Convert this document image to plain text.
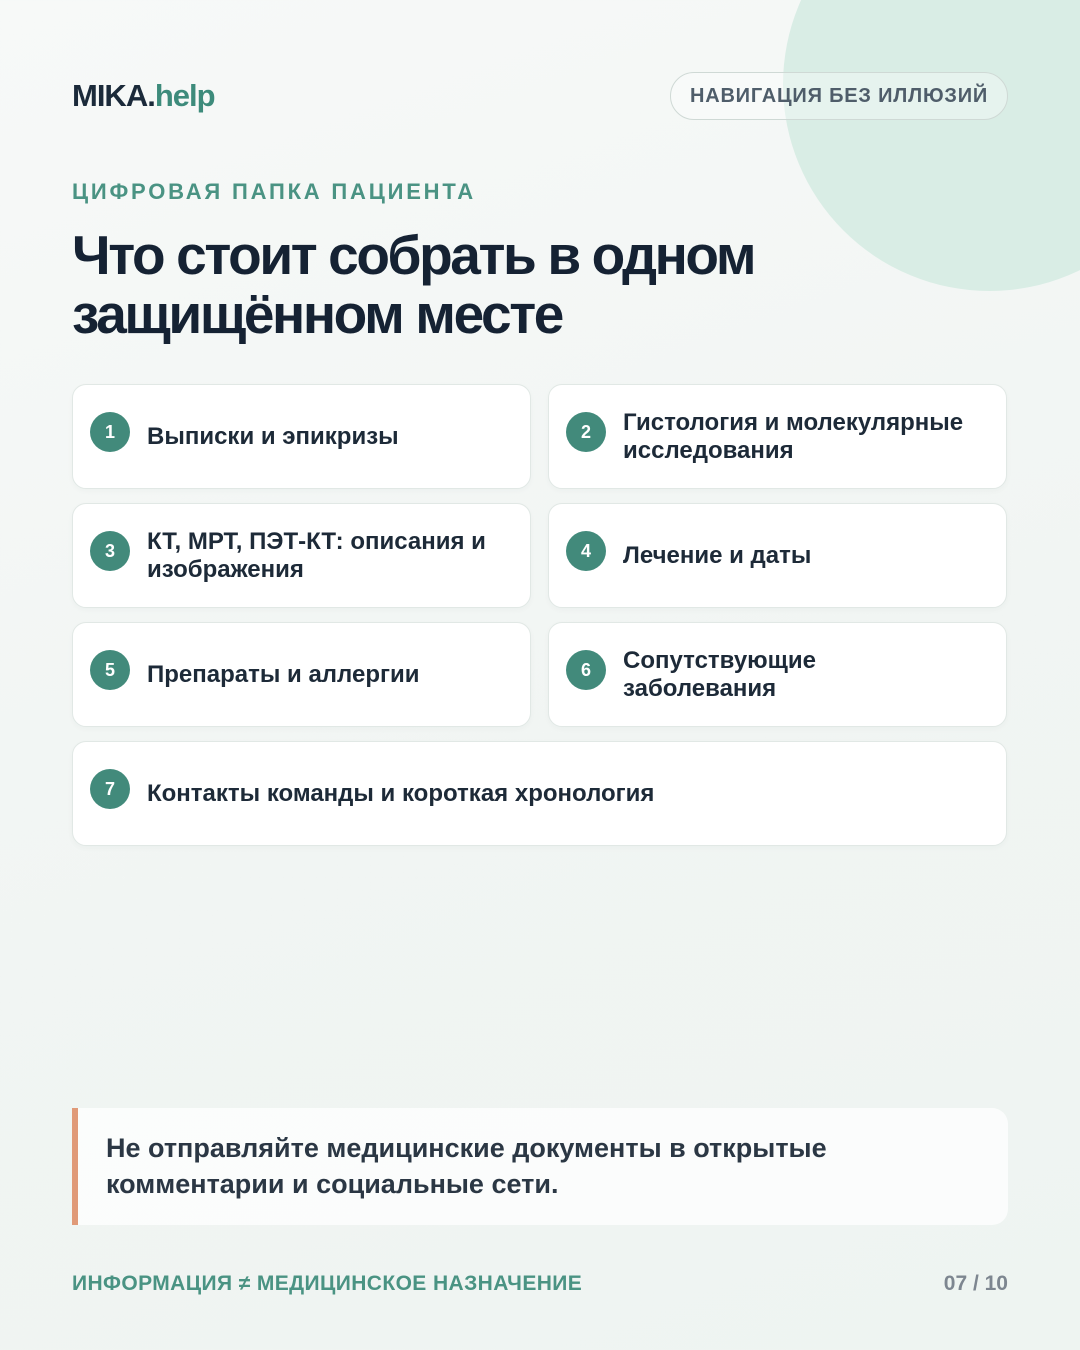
MIKA.help	НАВИГАЦИЯ БЕЗ ИЛЛЮЗИЙ
ЦИФРОВАЯ ПАПКА ПАЦИЕНТА
Что стоит собрать в одном защищённом месте
1	Выписки и эпикризы	2	Гистология и молекулярные исследования
3	КТ, МРТ, ПЭТ-КТ: описания и изображения
4	Лечение и даты
5	Препараты и аллергии	6	Сопутствующие заболевания
7	Контакты команды и короткая хронология
Не отправляйте медицинские документы в открытые комментарии и социальные сети.
ИНФОРМАЦИЯ ≠ МЕДИЦИНСКОЕ НАЗНАЧЕНИЕ	07 / 10
